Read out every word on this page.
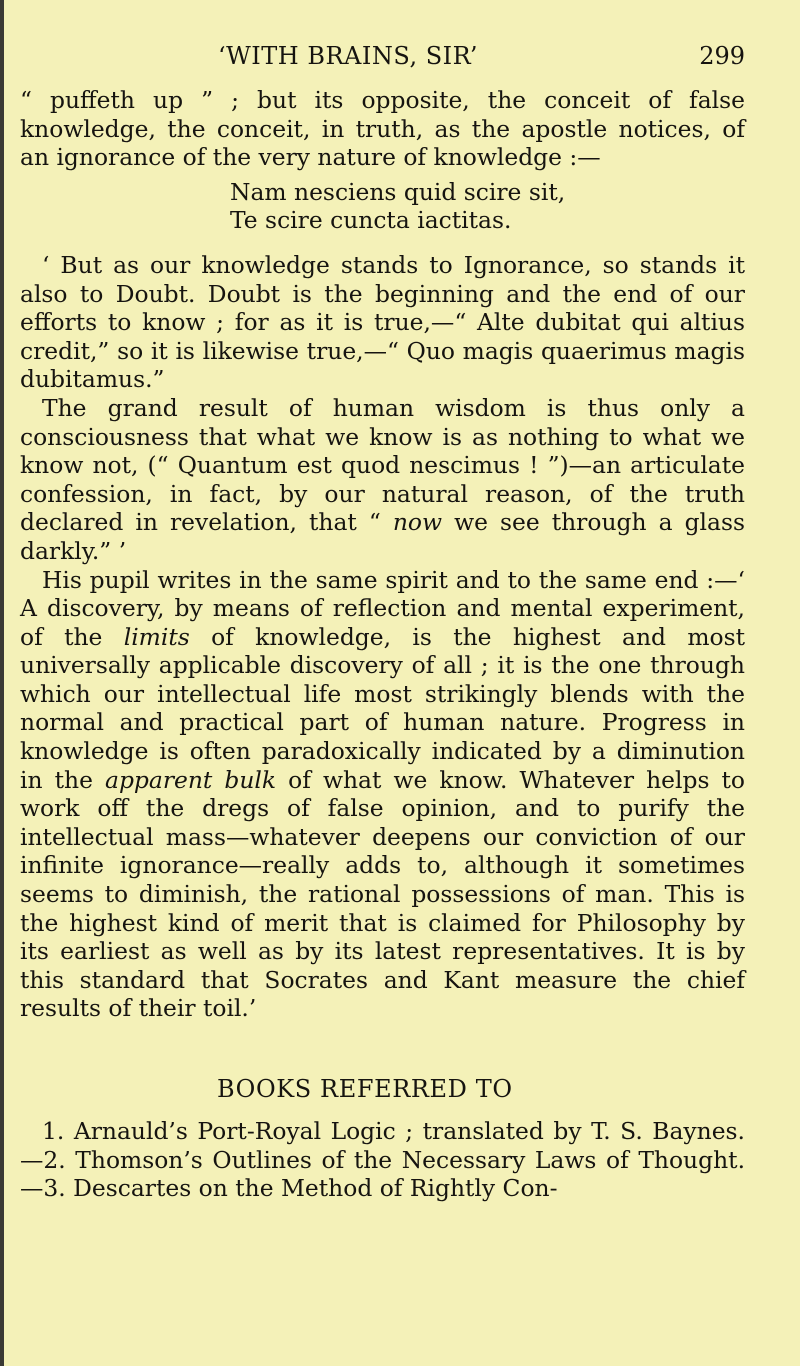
‘WITH BRAINS, SIR’	299

“ puffeth up ” ; but its opposite, the conceit of false knowledge, the conceit, in truth, as the apostle notices, of an ignorance of the very nature of knowledge :—

Nam nesciens quid scire sit,
Te scire cuncta iactitas.

‘ But as our knowledge stands to Ignorance, so stands it also to Doubt. Doubt is the beginning and the end of our efforts to know ; for as it is true,—“ Alte dubitat qui altius credit,” so it is likewise true,—“ Quo magis quaerimus magis dubitamus.”

The grand result of human wisdom is thus only a consciousness that what we know is as nothing to what we know not, (“ Quantum est quod nescimus ! ”)—an articulate confession, in fact, by our natural reason, of the truth declared in revelation, that “ now we see through a glass darkly.” ’

His pupil writes in the same spirit and to the same end :—‘ A discovery, by means of reflection and mental experiment, of the limits of knowledge, is the highest and most universally applicable discovery of all ; it is the one through which our intellectual life most strikingly blends with the normal and practical part of human nature. Progress in knowledge is often paradoxically indicated by a diminution in the apparent bulk of what we know. Whatever helps to work off the dregs of false opinion, and to purify the intellectual mass—whatever deepens our conviction of our infinite ignorance—really adds to, although it sometimes seems to diminish, the rational possessions of man. This is the highest kind of merit that is claimed for Philosophy by its earliest as well as by its latest representatives. It is by this standard that Socrates and Kant measure the chief results of their toil.’

BOOKS REFERRED TO

1. Arnauld’s Port-Royal Logic ; translated by T. S. Baynes.—2. Thomson’s Outlines of the Necessary Laws of Thought.—3. Descartes on the Method of Rightly Con-
